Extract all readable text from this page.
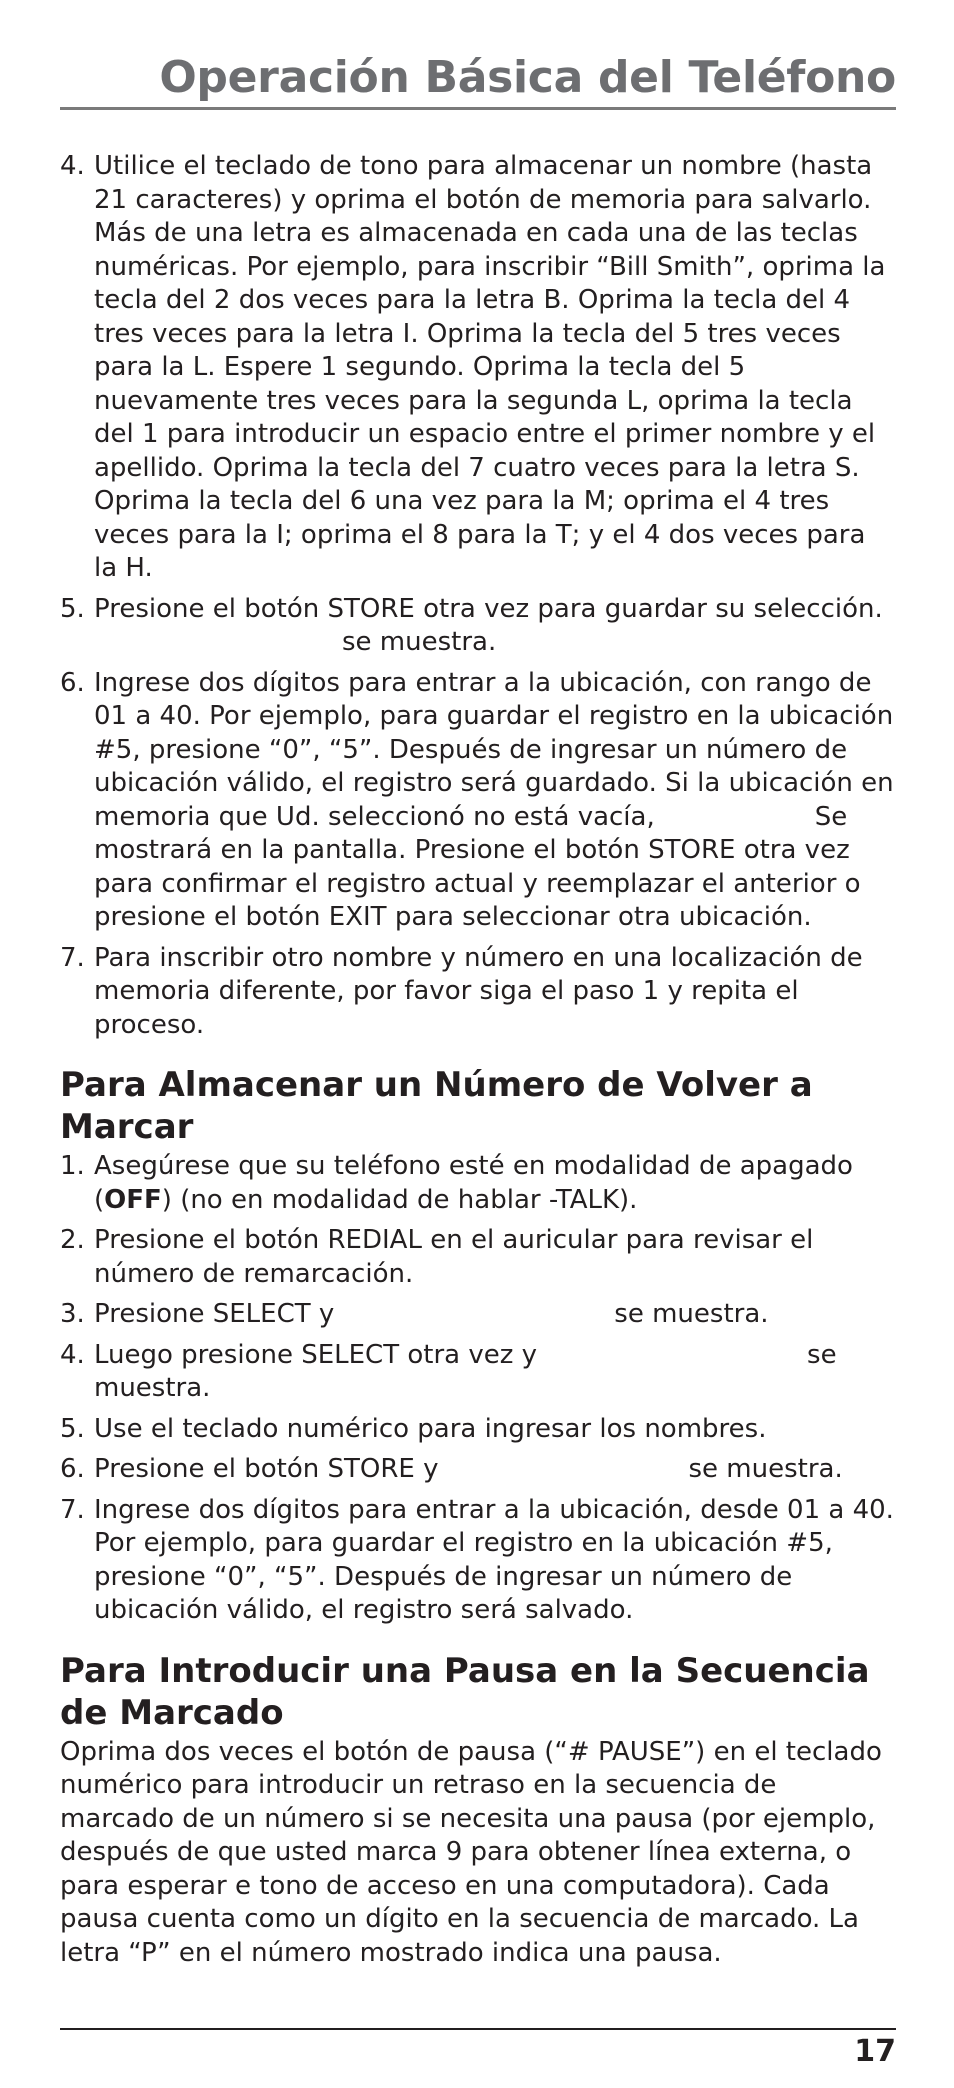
Operación Básica del Teléfono
4. Utilice el teclado de tono para almacenar un nombre (hasta 21 caracteres) y oprima el botón de memoria para salvarlo. Más de una letra es almacenada en cada una de las teclas numéricas. Por ejemplo, para inscribir “Bill Smith”, oprima la tecla del 2 dos veces para la letra B. Oprima la tecla del 4 tres veces para la letra I. Oprima la tecla del 5 tres veces para la L. Espere 1 segundo. Oprima la tecla del 5 nuevamente tres veces para la segunda L, oprima la tecla del 1 para introducir un espacio entre el primer nombre y el apellido. Oprima la tecla del 7 cuatro veces para la letra S. Oprima la tecla del 6 una vez para la M; oprima el 4 tres veces para la I; oprima el 8 para la T; y el 4 dos veces para la H.
5. Presione el botón STORE otra vez para guardar su selección.
se muestra.
6. Ingrese dos dígitos para entrar a la ubicación, con rango de 01 a 40. Por ejemplo, para guardar el registro en la ubicación #5, presione “0”, “5”. Después de ingresar un número de ubicación válido, el registro será guardado. Si la ubicación en memoria que Ud. seleccionó no está vacía,	Se mostrará en la pantalla. Presione el botón STORE otra vez para confirmar el registro actual y reemplazar el anterior o presione el botón EXIT para seleccionar otra ubicación.
7. Para inscribir otro nombre y número en una localización de memoria diferente, por favor siga el paso 1 y repita el proceso.
Para Almacenar un Número de Volver a Marcar
1. Asegúrese que su teléfono esté en modalidad de apagado (OFF) (no en modalidad de hablar -TALK).
2. Presione el botón REDIAL en el auricular para revisar el número de remarcación.
3. Presione SELECT y	se muestra.
4. Luego presione SELECT otra vez y	se muestra.
5. Use el teclado numérico para ingresar los nombres.
6. Presione el botón STORE y	se muestra.
7. Ingrese dos dígitos para entrar a la ubicación, desde 01 a 40. Por ejemplo, para guardar el registro en la ubicación #5, presione “0”, “5”. Después de ingresar un número de ubicación válido, el registro será salvado.
Para Introducir una Pausa en la Secuencia de Marcado

Oprima dos veces el botón de pausa (“# PAUSE”) en el teclado numérico para introducir un retraso en la secuencia de marcado de un número si se necesita una pausa (por ejemplo, después de que usted marca 9 para obtener línea externa, o para esperar e tono de acceso en una computadora). Cada pausa cuenta como un dígito en la secuencia de marcado. La letra “P” en el número mostrado indica una pausa.

17
